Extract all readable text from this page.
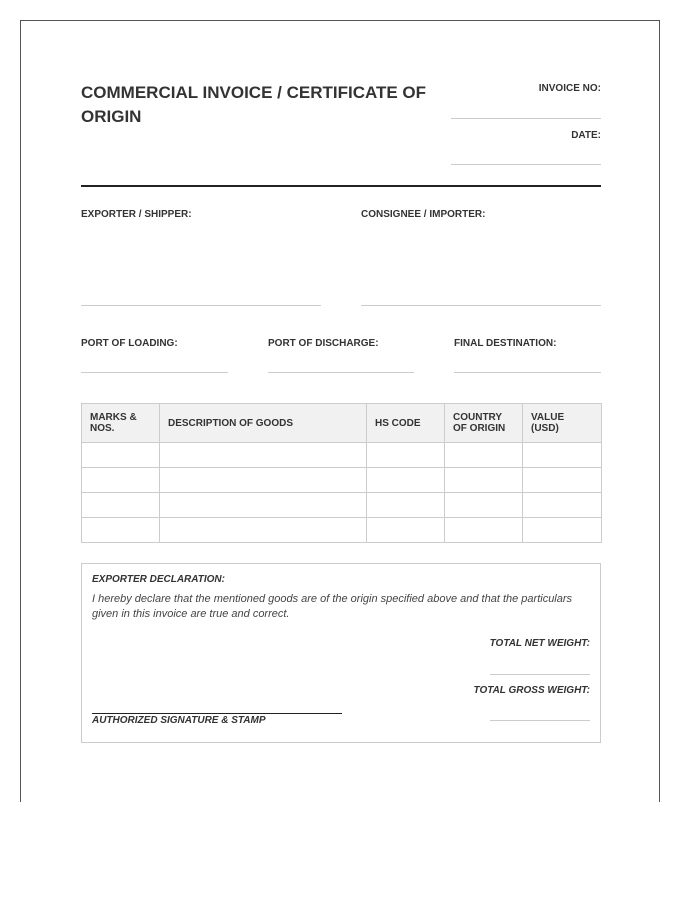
COMMERCIAL INVOICE / CERTIFICATE OF ORIGIN
INVOICE NO:
DATE:
EXPORTER / SHIPPER:	CONSIGNEE / IMPORTER:
PORT OF LOADING:	PORT OF DISCHARGE:	FINAL DESTINATION:
MARKS & NOS.	DESCRIPTION OF GOODS	HS CODE	COUNTRY OF ORIGIN	VALUE (USD)

EXPORTER DECLARATION:
I hereby declare that the mentioned goods are of the origin specified above and that the particulars given in this invoice are true and correct.
TOTAL NET WEIGHT:
TOTAL GROSS WEIGHT:
AUTHORIZED SIGNATURE & STAMP
